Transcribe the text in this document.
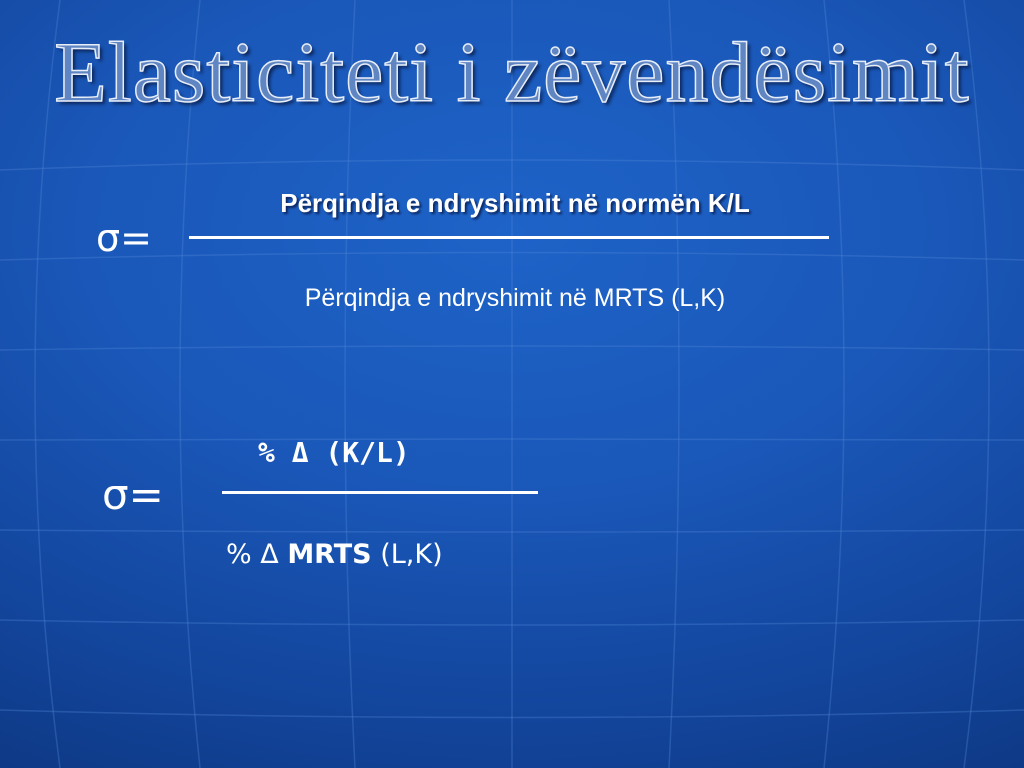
Elasticiteti i zëvendësimit
σ=
Përqindja e ndryshimit në normën K/L
Përqindja e ndryshimit në MRTS (L,K)
σ=
% Δ (K/L)
% Δ MRTS (L,K)
